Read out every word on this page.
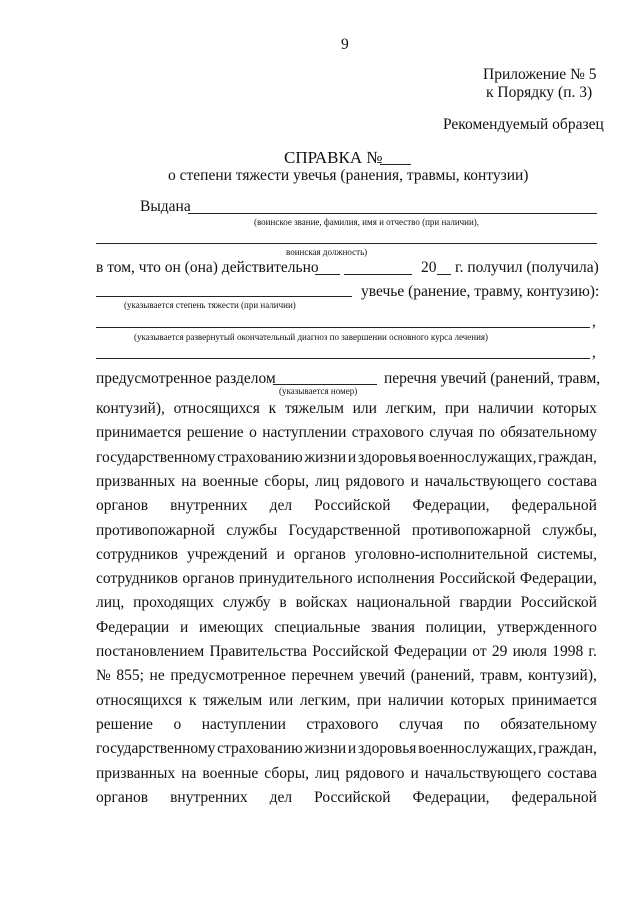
9
Приложение № 5
к Порядку (п. 3)
Рекомендуемый образец
СПРАВКА №
о степени тяжести увечья (ранения, травмы, контузии)
Выдана
(воинское звание, фамилия, имя и отчество (при наличии),
воинская должность)
в том, что он (она) действительно	20 г. получил (получила)
увечье (ранение, травму, контузию):
(указывается степень тяжести (при наличии)
,
(указывается развернутый окончательный диагноз по завершении основного курса лечения)
,
предусмотренное разделом
(указывается номер)
перечня увечий (ранений, травм,
контузий), относящихся к тяжелым или легким, при наличии которых
принимается решение о наступлении страхового случая по обязательному
государственному страхованию жизни и здоровья военнослужащих, граждан,
призванных на военные сборы, лиц рядового и начальствующего состава
органов внутренних дел Российской Федерации, федеральной
противопожарной службы Государственной противопожарной службы,
сотрудников учреждений и органов уголовно-исполнительной системы,
сотрудников органов принудительного исполнения Российской Федерации,
лиц, проходящих службу в войсках национальной гвардии Российской
Федерации и имеющих специальные звания полиции, утвержденного
постановлением Правительства Российской Федерации от 29 июля 1998 г.
№ 855; не предусмотренное перечнем увечий (ранений, травм, контузий),
относящихся к тяжелым или легким, при наличии которых принимается
решение о наступлении страхового случая по обязательному
государственному страхованию жизни и здоровья военнослужащих, граждан,
призванных на военные сборы, лиц рядового и начальствующего состава
органов внутренних дел Российской Федерации, федеральной
